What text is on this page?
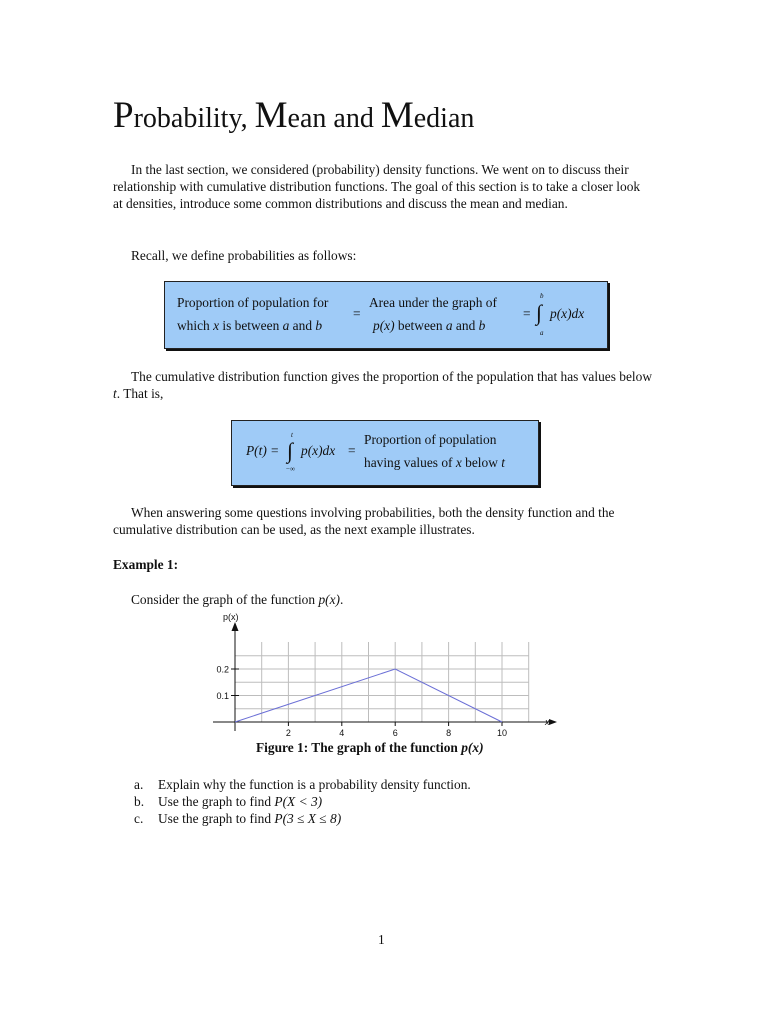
Probability, Mean and Median

In the last section, we considered (probability) density functions. We went on to discuss their relationship with cumulative distribution functions. The goal of this section is to take a closer look at densities, introduce some common distributions and discuss the mean and median.

Recall, we define probabilities as follows:

Proportion of population for
which x is between a and b
=
Area under the graph of
p(x) between a and b
=
b
∫
a
p(x)dx

The cumulative distribution function gives the proportion of the population that has values below t. That is,

P(t) =
t
∫
−∞
p(x)dx =
Proportion of population
having values of x below t

When answering some questions involving probabilities, both the density function and the cumulative distribution can be used, as the next example illustrates.

Example 1:

Consider the graph of the function p(x).

2	4	6	8	10
0.1
0.2
p(x)
x
Figure 1: The graph of the function p(x)
a. Explain why the function is a probability density function.
b. Use the graph to find P(X < 3)
c. Use the graph to find P(3 ≤ X ≤ 8)
1
